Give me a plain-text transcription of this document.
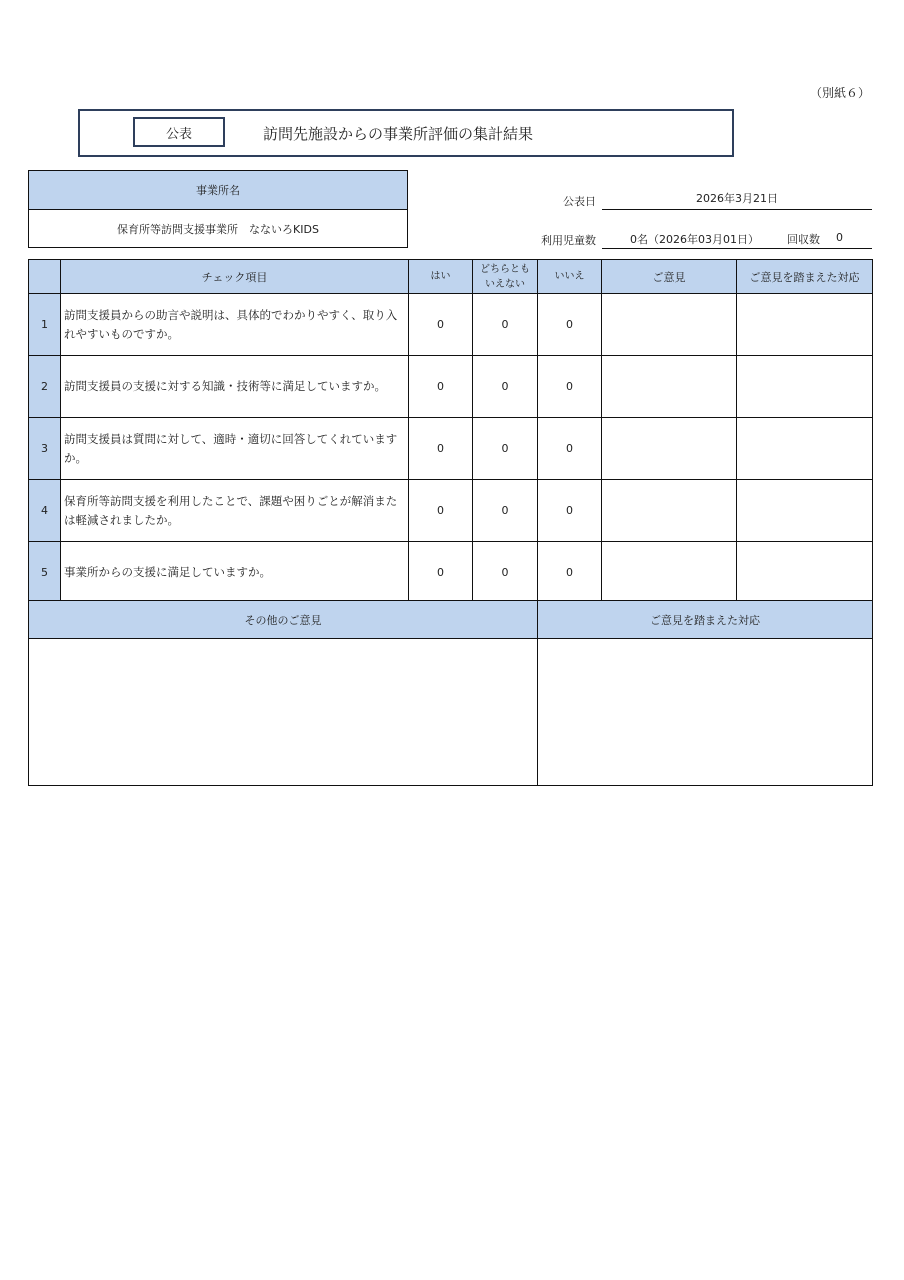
（別紙６）
公表	訪問先施設からの事業所評価の集計結果
事業所名
保育所等訪問支援事業所　なないろKIDS
公表日	2026年3月21日
利用児童数	0名（2026年03月01日）	回収数 0
	チェック項目	はい	どちらとも
いえない	いいえ	ご意見	ご意見を踏まえた対応
1	訪問支援員からの助言や説明は、具体的でわかりやすく、取り入れやすいものですか。	0	0	0		
2	訪問支援員の支援に対する知識・技術等に満足していますか。	0	0	0		
3	訪問支援員は質問に対して、適時・適切に回答してくれていますか。	0	0	0		
4	保育所等訪問支援を利用したことで、課題や困りごとが解消または軽減されましたか。	0	0	0		
5	事業所からの支援に満足していますか。	0	0	0		
その他のご意見	ご意見を踏まえた対応
